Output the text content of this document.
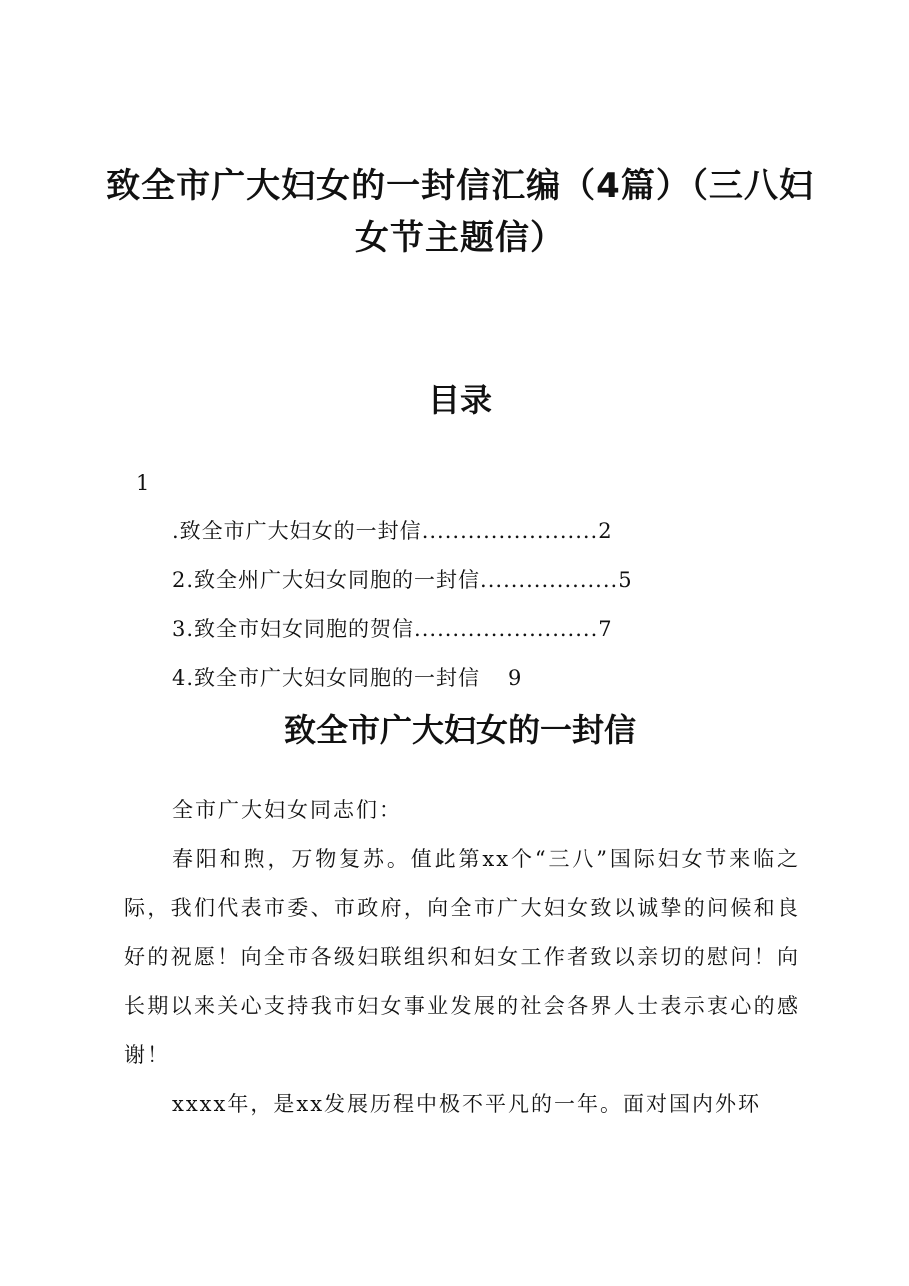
致全市广大妇女的一封信汇编（4篇）（三八妇女节主题信）
目录
1
.致全市广大妇女的一封信.......................2
2.致全州广大妇女同胞的一封信..................5
3.致全市妇女同胞的贺信........................7
4.致全市广大妇女同胞的一封信 9
致全市广大妇女的一封信
全市广大妇女同志们：
春阳和煦，万物复苏。值此第xx个“三八”国际妇女节来临之际，我们代表市委、市政府，向全市广大妇女致以诚挚的问候和良好的祝愿！向全市各级妇联组织和妇女工作者致以亲切的慰问！向长期以来关心支持我市妇女事业发展的社会各界人士表示衷心的感谢！
xxxx年，是xx发展历程中极不平凡的一年。面对国内外环
